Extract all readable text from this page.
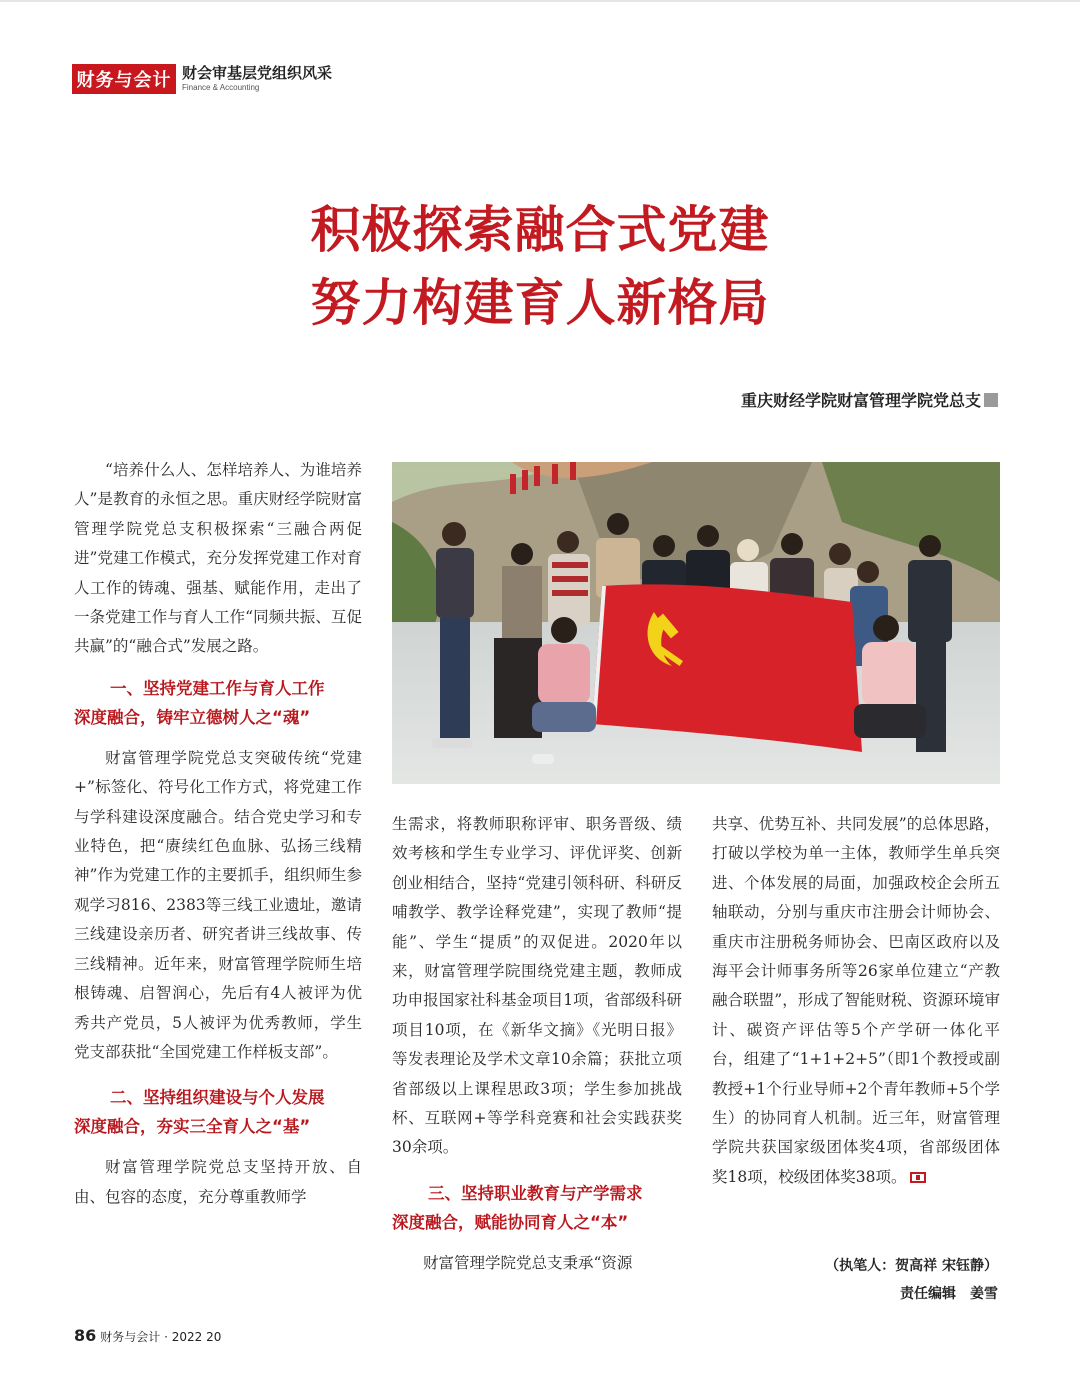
财务与会计 财会审基层党组织风采
Finance & Accounting
积极探索融合式党建
努力构建育人新格局
重庆财经学院财富管理学院党总支

“培养什么人、怎样培养人、为谁培养人”是教育的永恒之思。重庆财经学院财富管理学院党总支积极探索“三融合两促进”党建工作模式，充分发挥党建工作对育人工作的铸魂、强基、赋能作用，走出了一条党建工作与育人工作“同频共振、互促共赢”的“融合式”发展之路。

一、坚持党建工作与育人工作
深度融合，铸牢立德树人之“魂”

财富管理学院党总支突破传统“党建+”标签化、符号化工作方式，将党建工作与学科建设深度融合。结合党史学习和专业特色，把“赓续红色血脉、弘扬三线精神”作为党建工作的主要抓手，组织师生参观学习816、2383等三线工业遗址，邀请三线建设亲历者、研究者讲三线故事、传三线精神。近年来，财富管理学院师生培根铸魂、启智润心，先后有4人被评为优秀共产党员，5人被评为优秀教师，学生党支部获批“全国党建工作样板支部”。

二、坚持组织建设与个人发展
深度融合，夯实三全育人之“基”

财富管理学院党总支坚持开放、自由、包容的态度，充分尊重教师学

生需求，将教师职称评审、职务晋级、绩效考核和学生专业学习、评优评奖、创新创业相结合，坚持“党建引领科研、科研反哺教学、教学诠释党建”，实现了教师“提能”、学生“提质”的双促进。2020年以来，财富管理学院围绕党建主题，教师成功申报国家社科基金项目1项，省部级科研项目10项，在《新华文摘》《光明日报》等发表理论及学术文章10余篇；获批立项省部级以上课程思政3项；学生参加挑战杯、互联网+等学科竞赛和社会实践获奖30余项。

三、坚持职业教育与产学需求
深度融合，赋能协同育人之“本”

财富管理学院党总支秉承“资源

共享、优势互补、共同发展”的总体思路，打破以学校为单一主体，教师学生单兵突进、个体发展的局面，加强政校企会所五轴联动，分别与重庆市注册会计师协会、重庆市注册税务师协会、巴南区政府以及海平会计师事务所等26家单位建立“产教融合联盟”，形成了智能财税、资源环境审计、碳资产评估等5个产学研一体化平台，组建了“1+1+2+5”（即1个教授或副教授+1个行业导师+2个青年教师+5个学生）的协同育人机制。近三年，财富管理学院共获国家级团体奖4项，省部级团体奖18项，校级团体奖38项。

（执笔人：贺高祥 宋钰静）
责任编辑　姜雪
86 财务与会计 · 2022 20
